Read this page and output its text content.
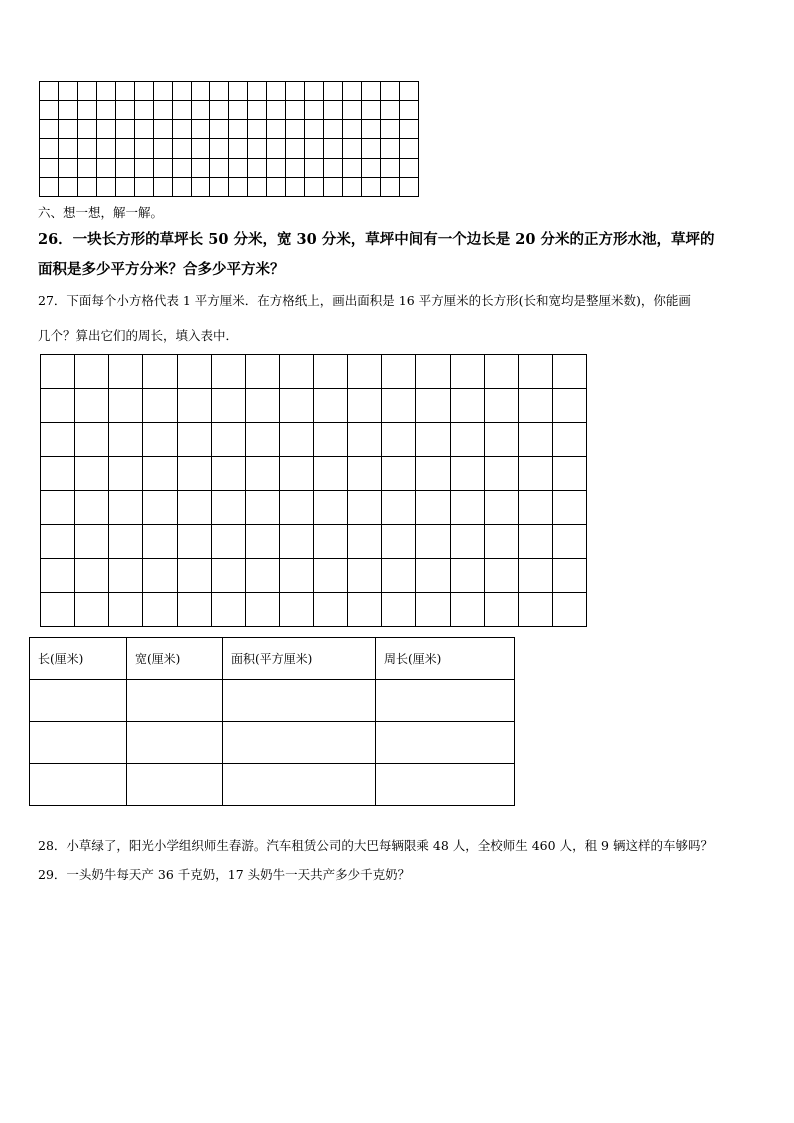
六、想一想，解一解。
26．一块长方形的草坪长 50 分米，宽 30 分米，草坪中间有一个边长是 20 分米的正方形水池，草坪的
面积是多少平方分米？合多少平方米？
27．下面每个小方格代表 1 平方厘米．在方格纸上，画出面积是 16 平方厘米的长方形(长和宽均是整厘米数)，你能画
几个？算出它们的周长，填入表中．

长(厘米)	宽(厘米)	面积(平方厘米)	周长(厘米)

28．小草绿了，阳光小学组织师生春游。汽车租赁公司的大巴每辆限乘 48 人，全校师生 460 人，租 9 辆这样的车够吗？
29．一头奶牛每天产 36 千克奶，17 头奶牛一天共产多少千克奶？
